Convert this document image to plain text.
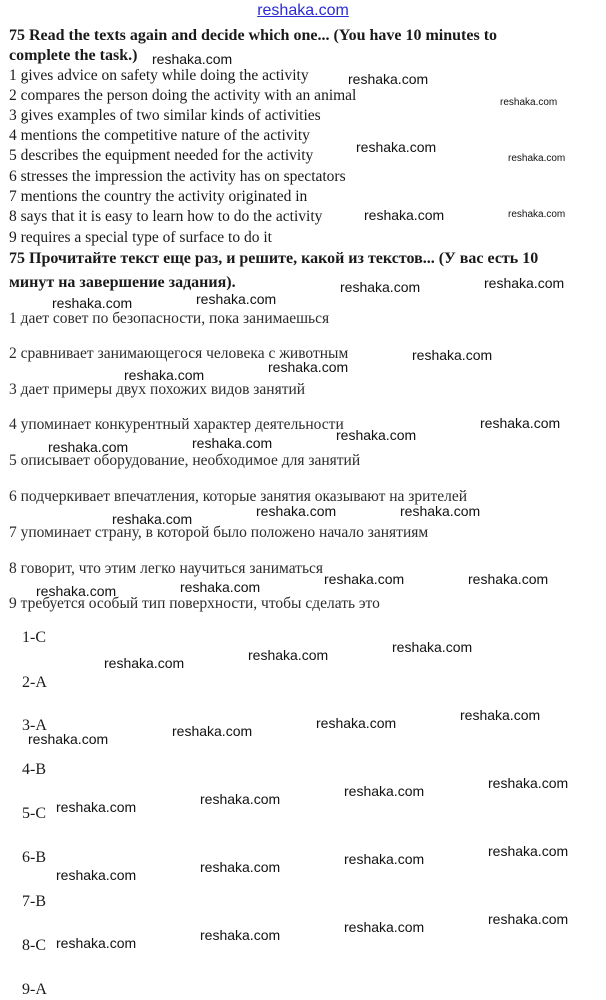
reshaka.com
75 Read the texts again and decide which one... (You have 10 minutes to
complete the task.)
1 gives advice on safety while doing the activity
2 compares the person doing the activity with an animal
3 gives examples of two similar kinds of activities
4 mentions the competitive nature of the activity
5 describes the equipment needed for the activity
6 stresses the impression the activity has on spectators
7 mentions the country the activity originated in
8 says that it is easy to learn how to do the activity
9 requires a special type of surface to do it
75 Прочитайте текст еще раз, и решите, какой из текстов... (У вас есть 10
минут на завершение задания).
1 дает совет по безопасности, пока занимаешься
2 сравнивает занимающегося человека с животным
3 дает примеры двух похожих видов занятий
4 упоминает конкурентный характер деятельности
5 описывает оборудование, необходимое для занятий
6 подчеркивает впечатления, которые занятия оказывают на зрителей
7 упоминает страну, в которой было положено начало занятиям
8 говорит, что этим легко научиться заниматься
9 требуется особый тип поверхности, чтобы сделать это
1-C
2-A
3-A
4-B
5-C
6-B
7-B
8-C
9-A
reshaka.com
reshaka.com
reshaka.com
reshaka.com
reshaka.com
reshaka.com	reshaka.com
reshaka.com	reshaka.com
reshaka.com
reshaka.com
reshaka.com
reshaka.com
reshaka.com
reshaka.com
reshaka.com
reshaka.com
reshaka.com
reshaka.com
reshaka.com
reshaka.com
reshaka.com
reshaka.com
reshaka.com
reshaka.com
reshaka.com
reshaka.com
reshaka.com
reshaka.com
reshaka.com
reshaka.com
reshaka.com
reshaka.com
reshaka.com
reshaka.com
reshaka.com
reshaka.com
reshaka.com
reshaka.com
reshaka.com
reshaka.com
reshaka.com
reshaka.com
reshaka.com
